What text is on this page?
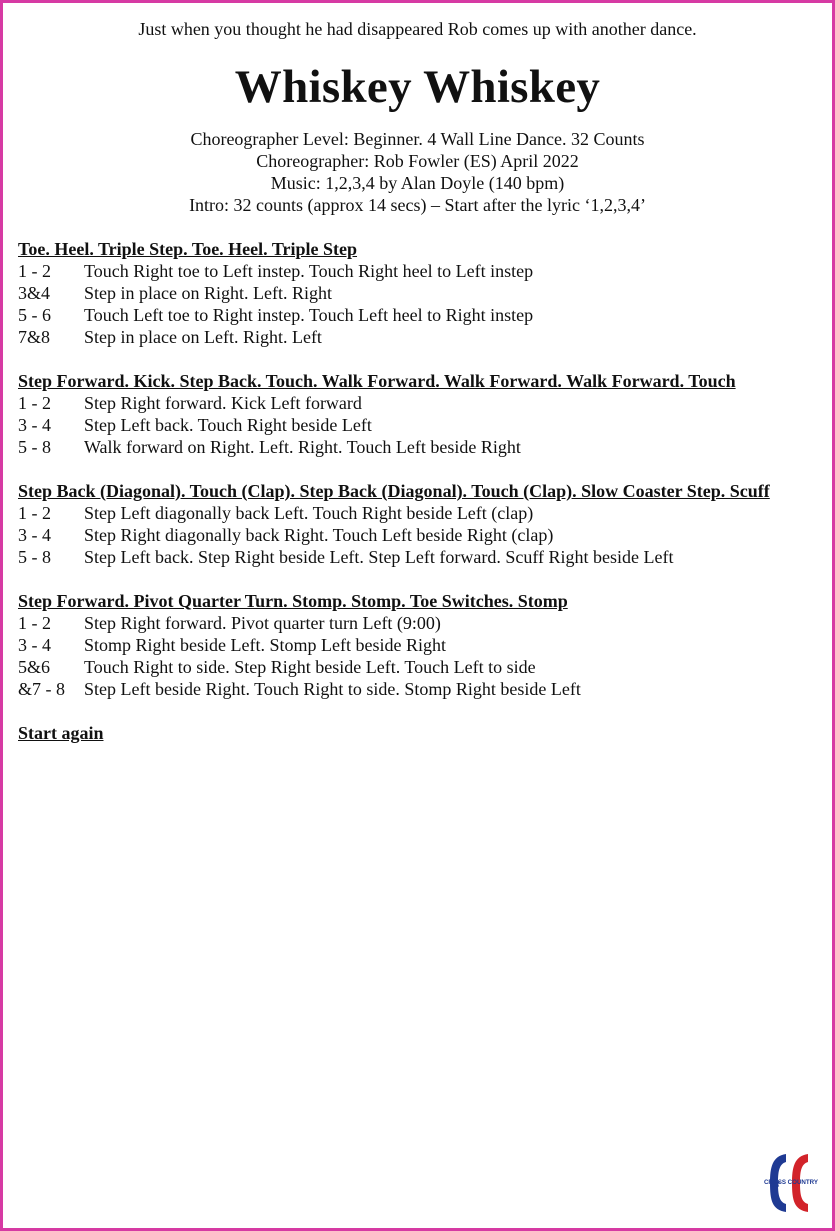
Just when you thought he had disappeared Rob comes up with another dance.
Whiskey Whiskey
Choreographer Level: Beginner. 4 Wall Line Dance. 32 Counts
Choreographer: Rob Fowler (ES) April 2022
Music: 1,2,3,4 by Alan Doyle (140 bpm)
Intro: 32 counts (approx 14 secs) – Start after the lyric ‘1,2,3,4’
Toe. Heel. Triple Step. Toe. Heel. Triple Step
1 - 2	Touch Right toe to Left instep. Touch Right heel to Left instep
3&4	Step in place on Right. Left. Right
5 - 6	Touch Left toe to Right instep. Touch Left heel to Right instep
7&8	Step in place on Left. Right. Left
Step Forward. Kick. Step Back. Touch. Walk Forward. Walk Forward. Walk Forward. Touch
1 - 2	Step Right forward. Kick Left forward
3 - 4	Step Left back. Touch Right beside Left
5 - 8	Walk forward on Right. Left. Right. Touch Left beside Right
Step Back (Diagonal). Touch (Clap). Step Back (Diagonal). Touch (Clap). Slow Coaster Step. Scuff
1 - 2	Step Left diagonally back Left. Touch Right beside Left (clap)
3 - 4	Step Right diagonally back Right. Touch Left beside Right (clap)
5 - 8	Step Left back. Step Right beside Left. Step Left forward. Scuff Right beside Left
Step Forward. Pivot Quarter Turn. Stomp. Stomp. Toe Switches. Stomp
1 - 2	Step Right forward. Pivot quarter turn Left (9:00)
3 - 4	Stomp Right beside Left. Stomp Left beside Right
5&6	Touch Right to side. Step Right beside Left. Touch Left to side
&7 - 8	Step Left beside Right. Touch Right to side. Stomp Right beside Left
Start again
CROSS COUNTRY
